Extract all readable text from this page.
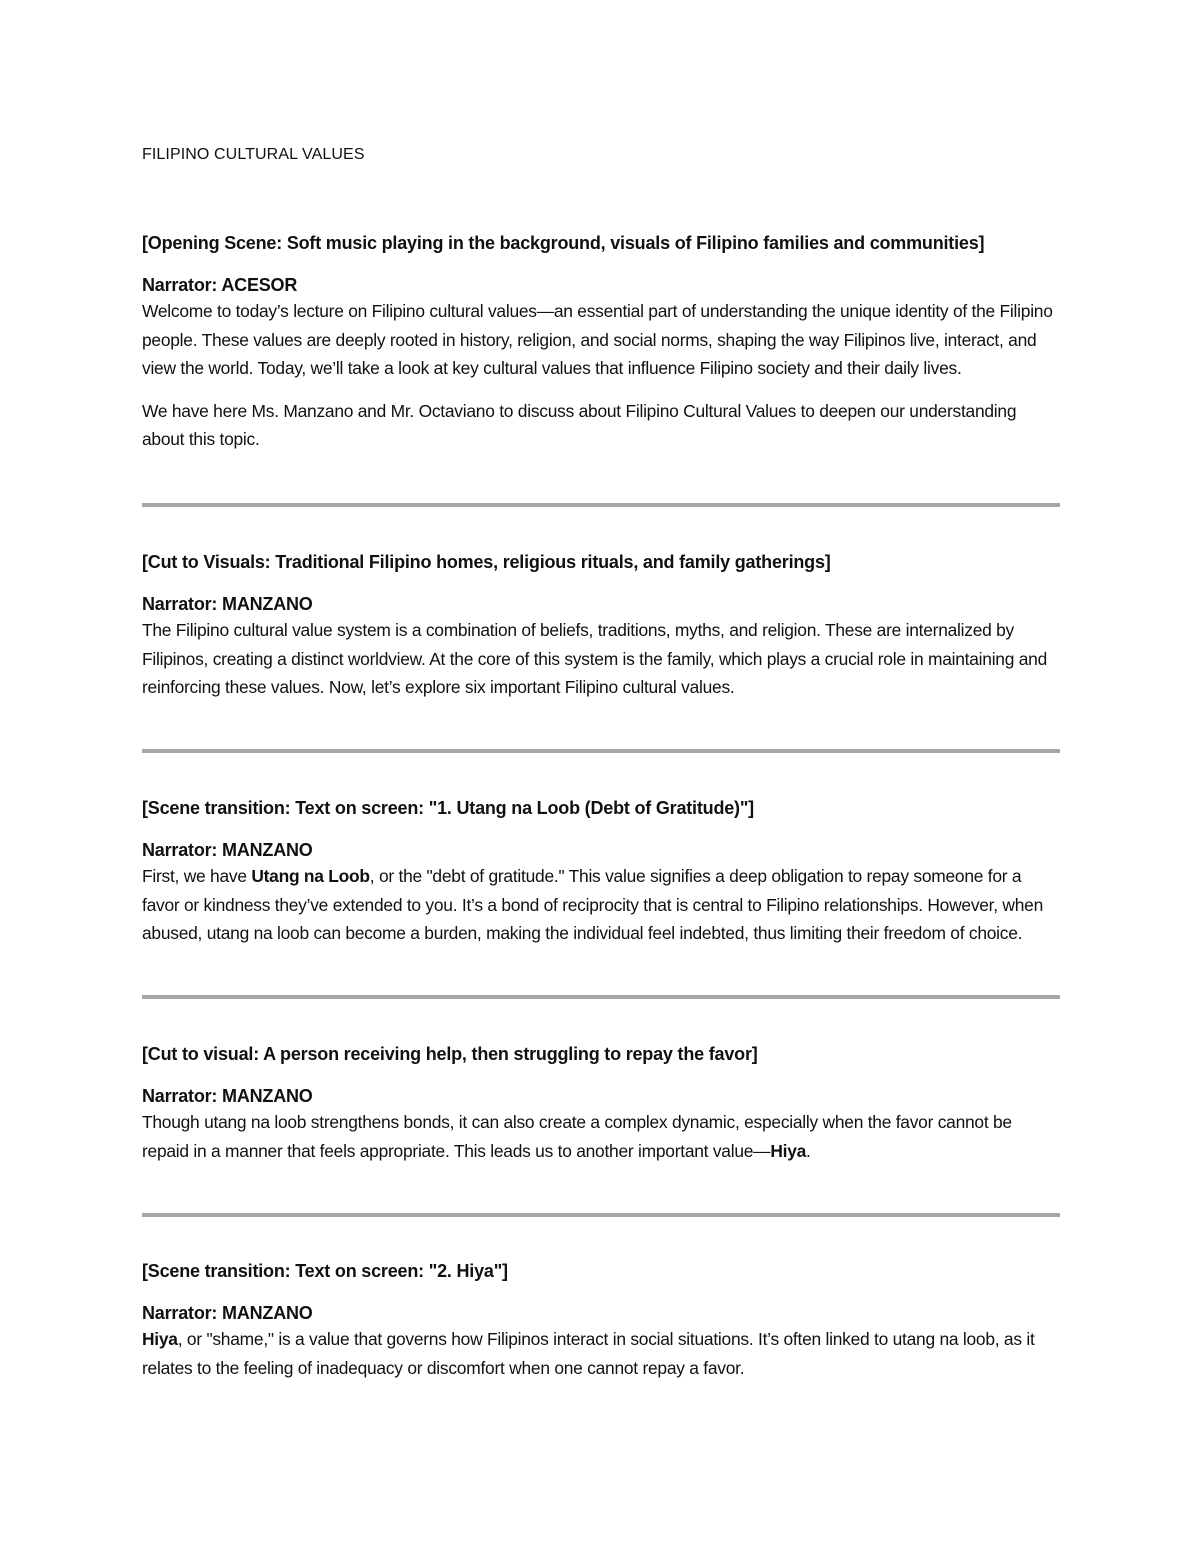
FILIPINO CULTURAL VALUES

[Opening Scene: Soft music playing in the background, visuals of Filipino families and communities]

Narrator: ACESOR

Welcome to today’s lecture on Filipino cultural values—an essential part of understanding the unique identity of the Filipino people. These values are deeply rooted in history, religion, and social norms, shaping the way Filipinos live, interact, and view the world. Today, we’ll take a look at key cultural values that influence Filipino society and their daily lives.

We have here Ms. Manzano and Mr. Octaviano to discuss about Filipino Cultural Values to deepen our understanding about this topic.

[Cut to Visuals: Traditional Filipino homes, religious rituals, and family gatherings]

Narrator: MANZANO

The Filipino cultural value system is a combination of beliefs, traditions, myths, and religion. These are internalized by Filipinos, creating a distinct worldview. At the core of this system is the family, which plays a crucial role in maintaining and reinforcing these values. Now, let’s explore six important Filipino cultural values.

[Scene transition: Text on screen: "1. Utang na Loob (Debt of Gratitude)"]

Narrator: MANZANO

First, we have Utang na Loob, or the "debt of gratitude." This value signifies a deep obligation to repay someone for a favor or kindness they’ve extended to you. It’s a bond of reciprocity that is central to Filipino relationships. However, when abused, utang na loob can become a burden, making the individual feel indebted, thus limiting their freedom of choice.

[Cut to visual: A person receiving help, then struggling to repay the favor]

Narrator: MANZANO

Though utang na loob strengthens bonds, it can also create a complex dynamic, especially when the favor cannot be repaid in a manner that feels appropriate. This leads us to another important value—Hiya.

[Scene transition: Text on screen: "2. Hiya"]

Narrator: MANZANO

Hiya, or "shame," is a value that governs how Filipinos interact in social situations. It’s often linked to utang na loob, as it relates to the feeling of inadequacy or discomfort when one cannot repay a favor.
